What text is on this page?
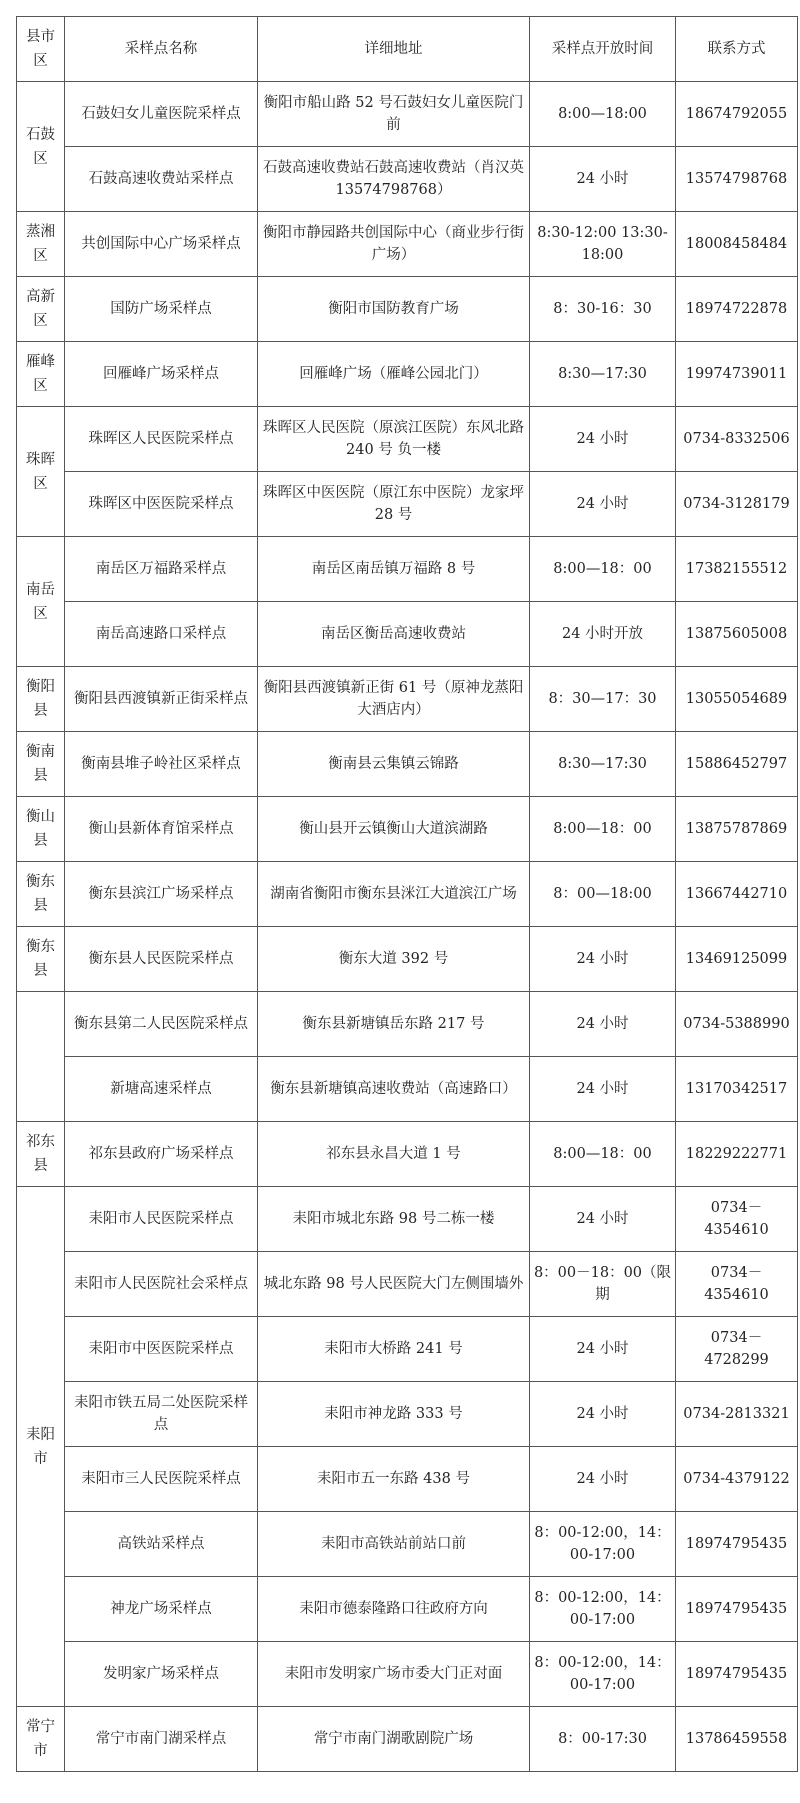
县市区	采样点名称	详细地址	采样点开放时间	联系方式
石鼓区	石鼓妇女儿童医院采样点	衡阳市船山路 52 号石鼓妇女儿童医院门前	8:00—18:00	18674792055
	石鼓高速收费站采样点	石鼓高速收费站石鼓高速收费站（肖汉英 13574798768）	24 小时	13574798768
蒸湘区	共创国际中心广场采样点	衡阳市静园路共创国际中心（商业步行街广场）	8:30-12:00 13:30-18:00	18008458484
高新区	国防广场采样点	衡阳市国防教育广场	8：30-16：30	18974722878
雁峰区	回雁峰广场采样点	回雁峰广场（雁峰公园北门）	8:30—17:30	19974739011
珠晖区	珠晖区人民医院采样点	珠晖区人民医院（原滨江医院）东风北路 240 号 负一楼	24 小时	0734-8332506
	珠晖区中医医院采样点	珠晖区中医医院（原江东中医院）龙家坪 28 号	24 小时	0734-3128179
南岳区	南岳区万福路采样点	南岳区南岳镇万福路 8 号	8:00—18：00	17382155512
	南岳高速路口采样点	南岳区衡岳高速收费站	24 小时开放	13875605008
衡阳县	衡阳县西渡镇新正街采样点	衡阳县西渡镇新正街 61 号（原神龙蒸阳大酒店内）	8：30—17：30	13055054689
衡南县	衡南县堆子岭社区采样点	衡南县云集镇云锦路	8:30—17:30	15886452797
衡山县	衡山县新体育馆采样点	衡山县开云镇衡山大道滨湖路	8:00—18：00	13875787869
衡东县	衡东县滨江广场采样点	湖南省衡阳市衡东县洣江大道滨江广场	8：00—18:00	13667442710
衡东县	衡东县人民医院采样点	衡东大道 392 号	24 小时	13469125099
	衡东县第二人民医院采样点	衡东县新塘镇岳东路 217 号	24 小时	0734-5388990
	新塘高速采样点	衡东县新塘镇高速收费站（高速路口）	24 小时	13170342517
祁东县	祁东县政府广场采样点	祁东县永昌大道 1 号	8:00—18：00	18229222771
耒阳市	耒阳市人民医院采样点	耒阳市城北东路 98 号二栋一楼	24 小时	0734－4354610
	耒阳市人民医院社会采样点	城北东路 98 号人民医院大门左侧围墙外	8：00－18：00（限期	0734－4354610
	耒阳市中医医院采样点	耒阳市大桥路 241 号	24 小时	0734－4728299
	耒阳市铁五局二处医院采样点	耒阳市神龙路 333 号	24 小时	0734-2813321
	耒阳市三人民医院采样点	耒阳市五一东路 438 号	24 小时	0734-4379122
	高铁站采样点	耒阳市高铁站前站口前	8：00-12:00，14：00-17:00	18974795435
	神龙广场采样点	耒阳市德泰隆路口往政府方向	8：00-12:00，14：00-17:00	18974795435
	发明家广场采样点	耒阳市发明家广场市委大门正对面	8：00-12:00，14：00-17:00	18974795435
常宁市	常宁市南门湖采样点	常宁市南门湖歌剧院广场	8：00-17:30	13786459558
